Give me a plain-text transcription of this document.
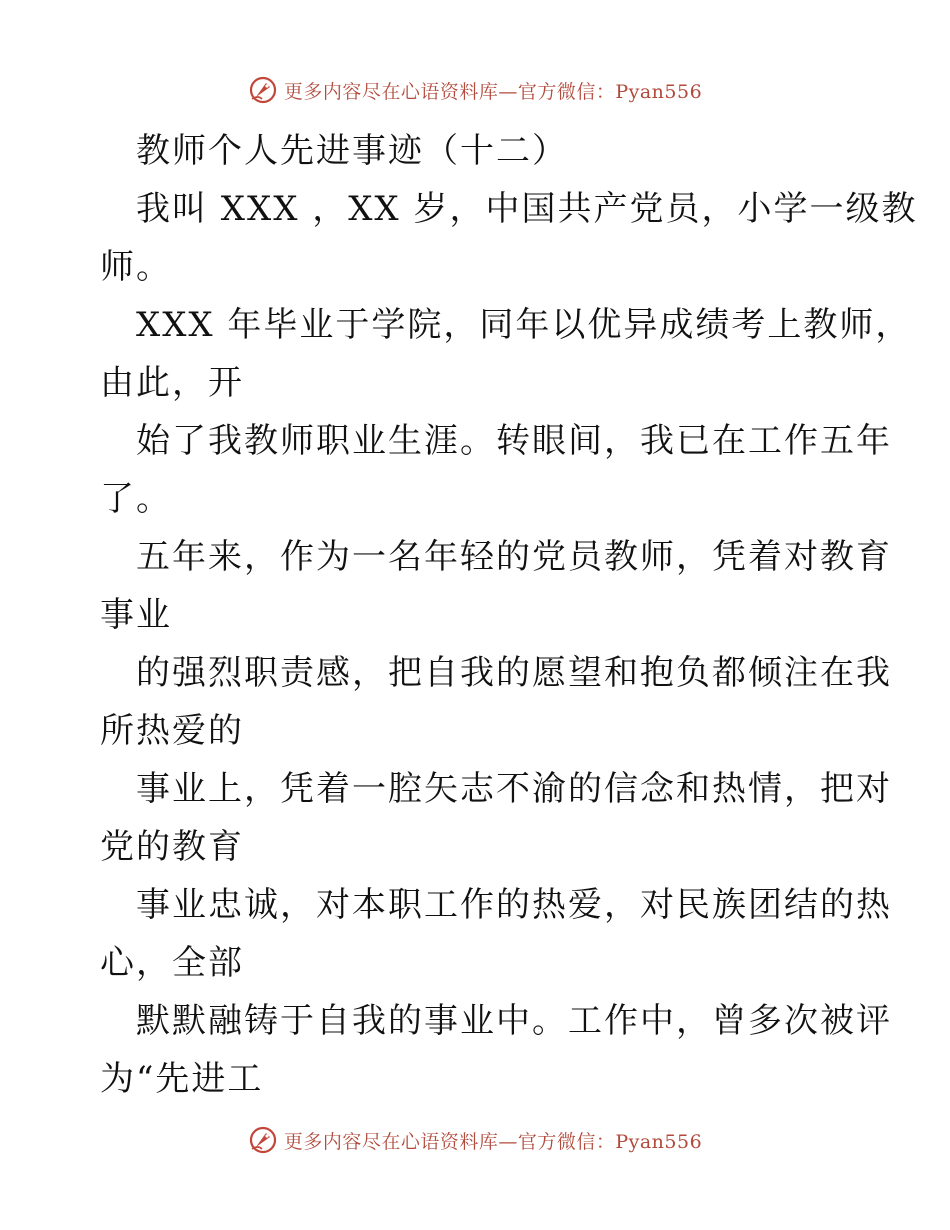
更多内容尽在心语资料库—官方微信：Pyan556
教师个人先进事迹（十二）
我叫 XXX ，XX 岁，中国共产党员，小学一级教
师。
XXX 年毕业于学院，同年以优异成绩考上教师，
由此，开
始了我教师职业生涯。转眼间，我已在工作五年
了。
五年来，作为一名年轻的党员教师，凭着对教育
事业
的强烈职责感，把自我的愿望和抱负都倾注在我
所热爱的
事业上，凭着一腔矢志不渝的信念和热情，把对
党的教育
事业忠诚，对本职工作的热爱，对民族团结的热
心，全部
默默融铸于自我的事业中。工作中，曾多次被评
为“先进工
更多内容尽在心语资料库—官方微信：Pyan556
